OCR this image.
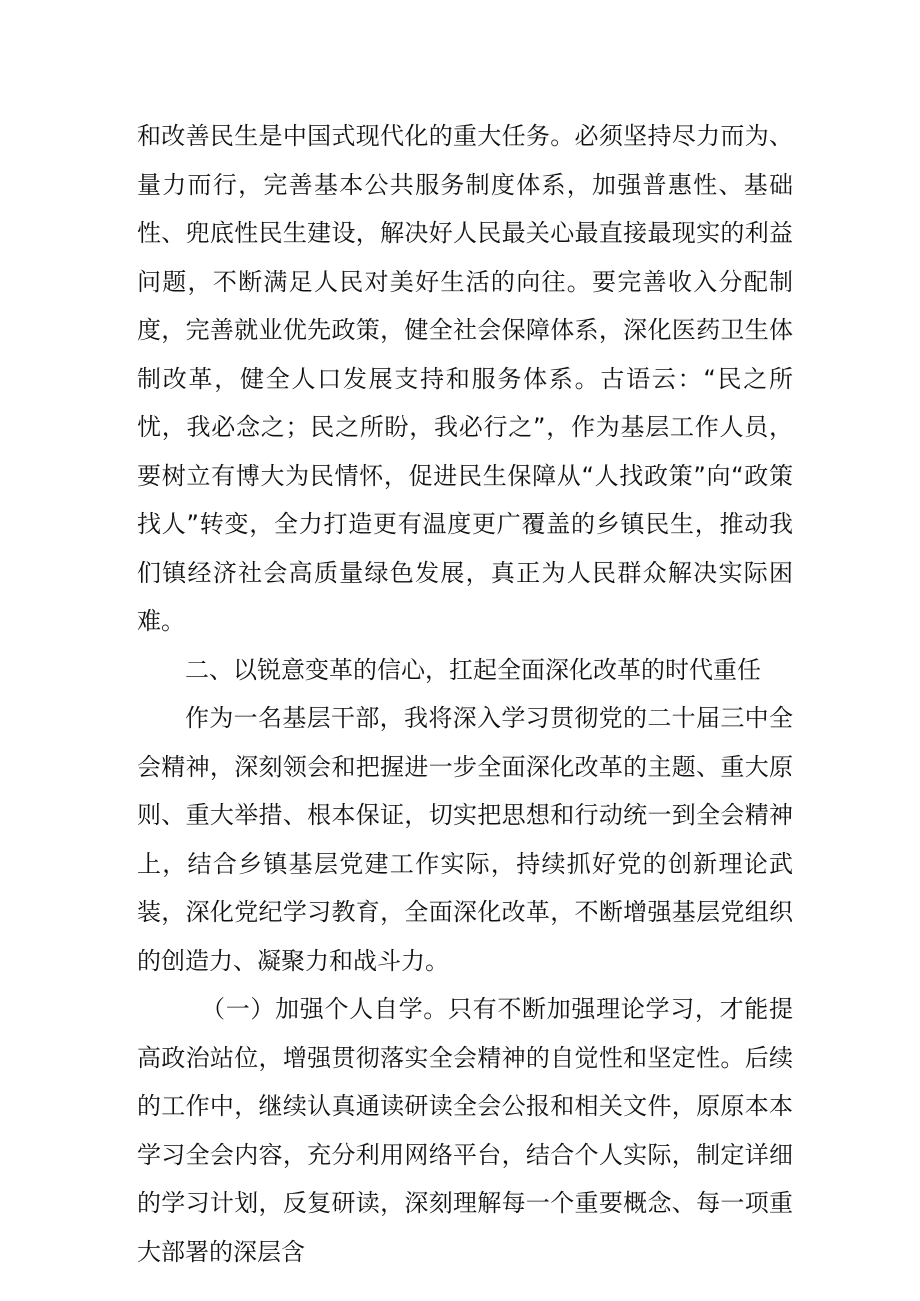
和改善民生是中国式现代化的重大任务。必须坚持尽力而为、量力而行，完善基本公共服务制度体系，加强普惠性、基础性、兜底性民生建设，解决好人民最关心最直接最现实的利益问题，不断满足人民对美好生活的向往。要完善收入分配制度，完善就业优先政策，健全社会保障体系，深化医药卫生体制改革，健全人口发展支持和服务体系。古语云：“民之所忧，我必念之；民之所盼，我必行之”，作为基层工作人员，要树立有博大为民情怀，促进民生保障从“人找政策”向“政策找人”转变，全力打造更有温度更广覆盖的乡镇民生，推动我们镇经济社会高质量绿色发展，真正为人民群众解决实际困难。

二、以锐意变革的信心，扛起全面深化改革的时代重任

作为一名基层干部，我将深入学习贯彻党的二十届三中全会精神，深刻领会和把握进一步全面深化改革的主题、重大原则、重大举措、根本保证，切实把思想和行动统一到全会精神上，结合乡镇基层党建工作实际，持续抓好党的创新理论武装，深化党纪学习教育，全面深化改革，不断增强基层党组织的创造力、凝聚力和战斗力。

（一）加强个人自学。只有不断加强理论学习，才能提高政治站位，增强贯彻落实全会精神的自觉性和坚定性。后续的工作中，继续认真通读研读全会公报和相关文件，原原本本学习全会内容，充分利用网络平台，结合个人实际，制定详细的学习计划，反复研读，深刻理解每一个重要概念、每一项重大部署的深层含
